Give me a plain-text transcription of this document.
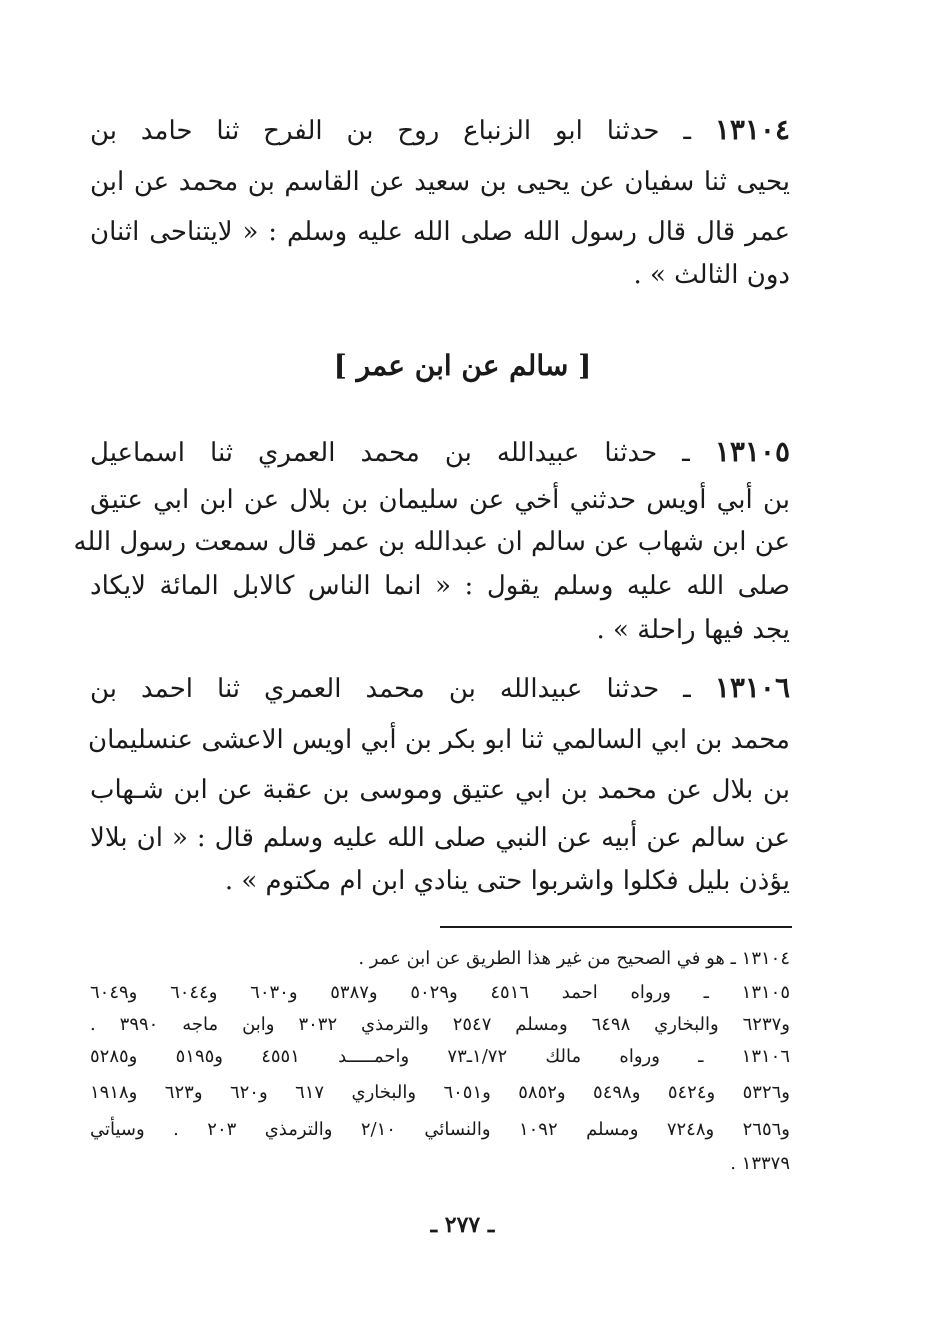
١٣١٠٤ ـ حدثنا ابو الزنباع روح بن الفرح ثنا حامد بن
يحيى ثنا سفيان عن يحيى بن سعيد عن القاسم بن محمد عن ابن
عمر قال قال رسول الله صلى الله عليه وسلم : « لايتناحى اثنان
دون الثالث » .
[ سالم عن ابن عمر ]
١٣١٠٥ ـ حدثنا عبيدالله بن محمد العمري ثنا اسماعيل
بن أبي أويس حدثني أخي عن سليمان بن بلال عن ابن ابي عتيق
عن ابن شهاب عن سالم ان عبدالله بن عمر قال سمعت رسول الله
صلى الله عليه وسلم يقول : « انما الناس كالابل المائة لايكاد
يجد فيها راحلة » .
١٣١٠٦ ـ حدثنا عبيدالله بن محمد العمري ثنا احمد بن
محمد بن ابي السالمي ثنا ابو بكر بن أبي اويس الاعشى عنسليمان
بن بلال عن محمد بن ابي عتيق وموسى بن عقبة عن ابن شـهاب
عن سالم عن أبيه عن النبي صلى الله عليه وسلم قال : « ان بلالا
يؤذن بليل فكلوا واشربوا حتى ينادي ابن ام مكتوم » .
١٣١٠٤ ـ هو في الصحيح من غير هذا الطريق عن ابن عمر .
١٣١٠٥ ـ ورواه احمد ٤٥١٦ و٥٠٢٩ و٥٣٨٧ و٦٠٣٠ و٦٠٤٤ و٦٠٤٩
و٦٢٣٧ والبخاري ٦٤٩٨ ومسلم ٢٥٤٧ والترمذي ٣٠٣٢ وابن ماجه ٣٩٩٠ .
١٣١٠٦ ـ ورواه مالك ١/٧٢ـ٧٣ واحمـــــد ٤٥٥١ و٥١٩٥ و٥٢٨٥
و٥٣٢٦ و٥٤٢٤ و٥٤٩٨ و٥٨٥٢ و٦٠٥١ والبخاري ٦١٧ و٦٢٠ و٦٢٣ و١٩١٨
و٢٦٥٦ و٧٢٤٨ ومسلم ١٠٩٢ والنسائي ٢/١٠ والترمذي ٢٠٣ . وسيأتي
١٣٣٧٩ .
ـ ٢٧٧ ـ
